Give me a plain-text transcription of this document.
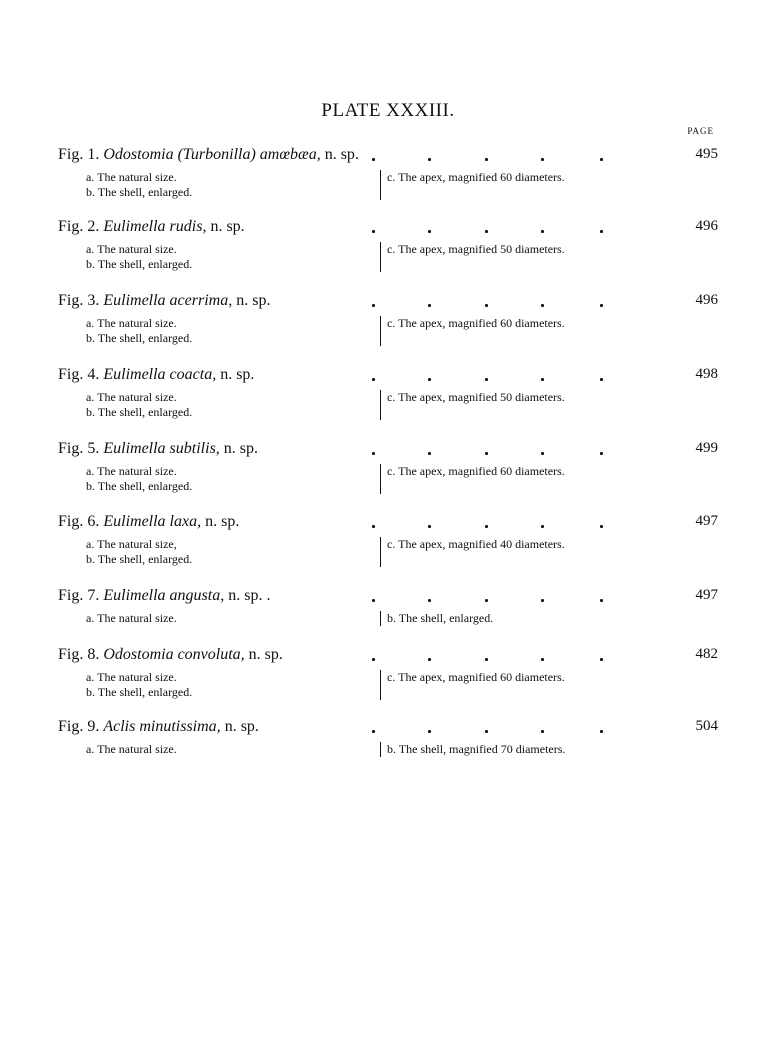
PLATE XXXIII.
PAGE
Fig. 1. Odostomia (Turbonilla) amœbæa, n. sp.	495
a. The natural size.
b. The shell, enlarged.
c. The apex, magnified 60 diameters.
Fig. 2. Eulimella rudis, n. sp.	496
a. The natural size.
b. The shell, enlarged.
c. The apex, magnified 50 diameters.
Fig. 3. Eulimella acerrima, n. sp.	496
a. The natural size.
b. The shell, enlarged.
c. The apex, magnified 60 diameters.
Fig. 4. Eulimella coacta, n. sp.	498
a. The natural size.
b. The shell, enlarged.
c. The apex, magnified 50 diameters.
Fig. 5. Eulimella subtilis, n. sp.	499
a. The natural size.
b. The shell, enlarged.
c. The apex, magnified 60 diameters.
Fig. 6. Eulimella laxa, n. sp.	497
a. The natural size,
b. The shell, enlarged.
c. The apex, magnified 40 diameters.
Fig. 7. Eulimella angusta, n. sp. .	497
a. The natural size.	b. The shell, enlarged.
Fig. 8. Odostomia convoluta, n. sp.	482
a. The natural size.
b. The shell, enlarged.
c. The apex, magnified 60 diameters.
Fig. 9. Aclis minutissima, n. sp.	504
a. The natural size.	b. The shell, magnified 70 diameters.
